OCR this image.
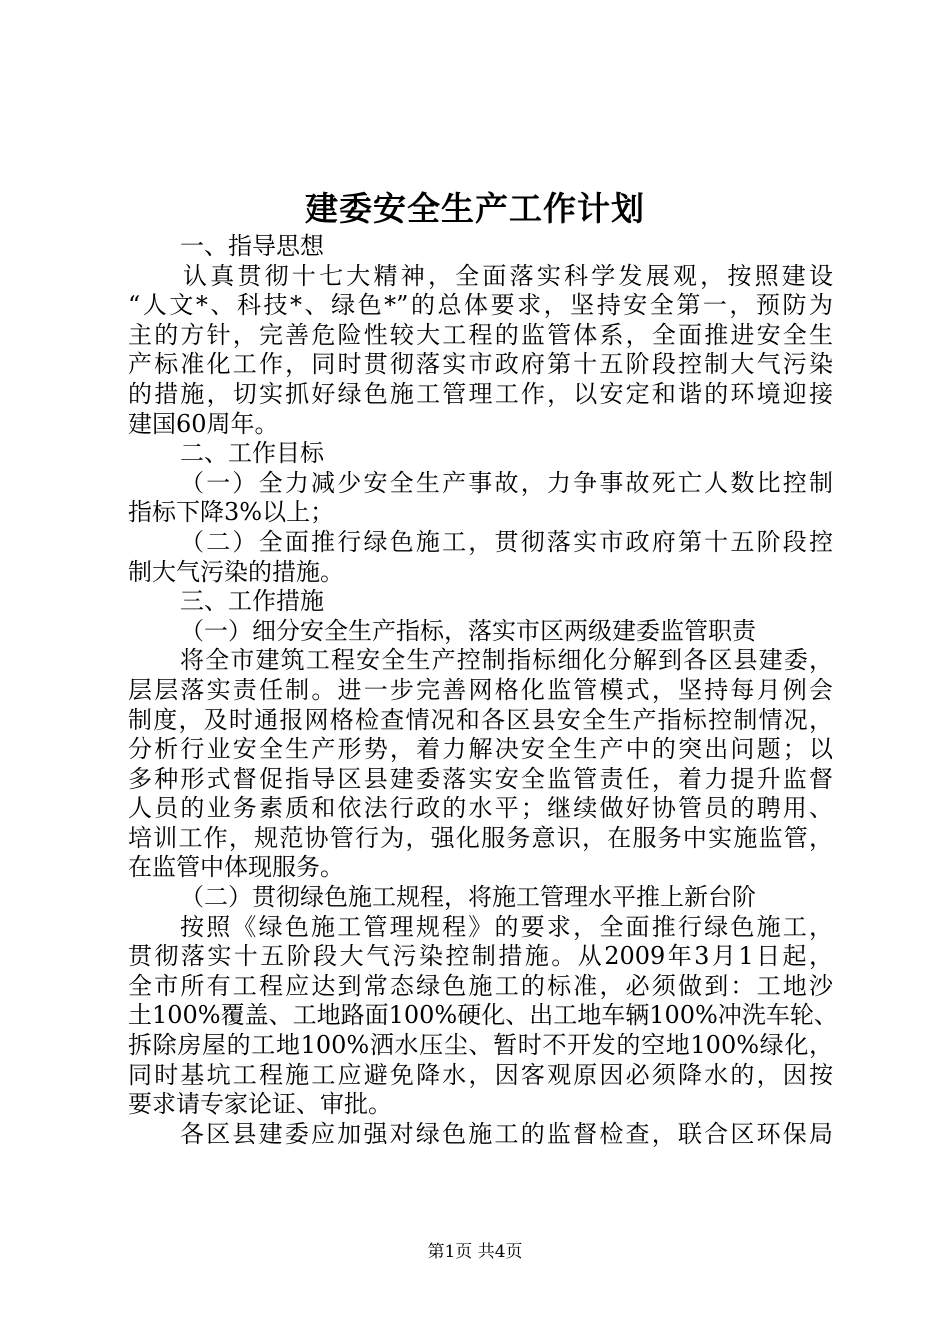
建委安全生产工作计划
一、指导思想
认真贯彻十七大精神，全面落实科学发展观，按照建设
“人文*、科技*、绿色*”的总体要求，坚持安全第一，预防为
主的方针，完善危险性较大工程的监管体系，全面推进安全生
产标准化工作，同时贯彻落实市政府第十五阶段控制大气污染
的措施，切实抓好绿色施工管理工作，以安定和谐的环境迎接
建国60周年。
二、工作目标
（一）全力减少安全生产事故，力争事故死亡人数比控制
指标下降3%以上；
（二）全面推行绿色施工，贯彻落实市政府第十五阶段控
制大气污染的措施。
三、工作措施
（一）细分安全生产指标，落实市区两级建委监管职责
将全市建筑工程安全生产控制指标细化分解到各区县建委，
层层落实责任制。进一步完善网格化监管模式，坚持每月例会
制度，及时通报网格检查情况和各区县安全生产指标控制情况，
分析行业安全生产形势，着力解决安全生产中的突出问题；以
多种形式督促指导区县建委落实安全监管责任，着力提升监督
人员的业务素质和依法行政的水平；继续做好协管员的聘用、
培训工作，规范协管行为，强化服务意识，在服务中实施监管，
在监管中体现服务。
（二）贯彻绿色施工规程，将施工管理水平推上新台阶
按照《绿色施工管理规程》的要求，全面推行绿色施工，
贯彻落实十五阶段大气污染控制措施。从2009年3月1日起，
全市所有工程应达到常态绿色施工的标准，必须做到：工地沙
土100%覆盖、工地路面100%硬化、出工地车辆100%冲洗车轮、
拆除房屋的工地100%洒水压尘、暂时不开发的空地100%绿化，
同时基坑工程施工应避免降水，因客观原因必须降水的，因按
要求请专家论证、审批。
各区县建委应加强对绿色施工的监督检查，联合区环保局
第1页 共4页
